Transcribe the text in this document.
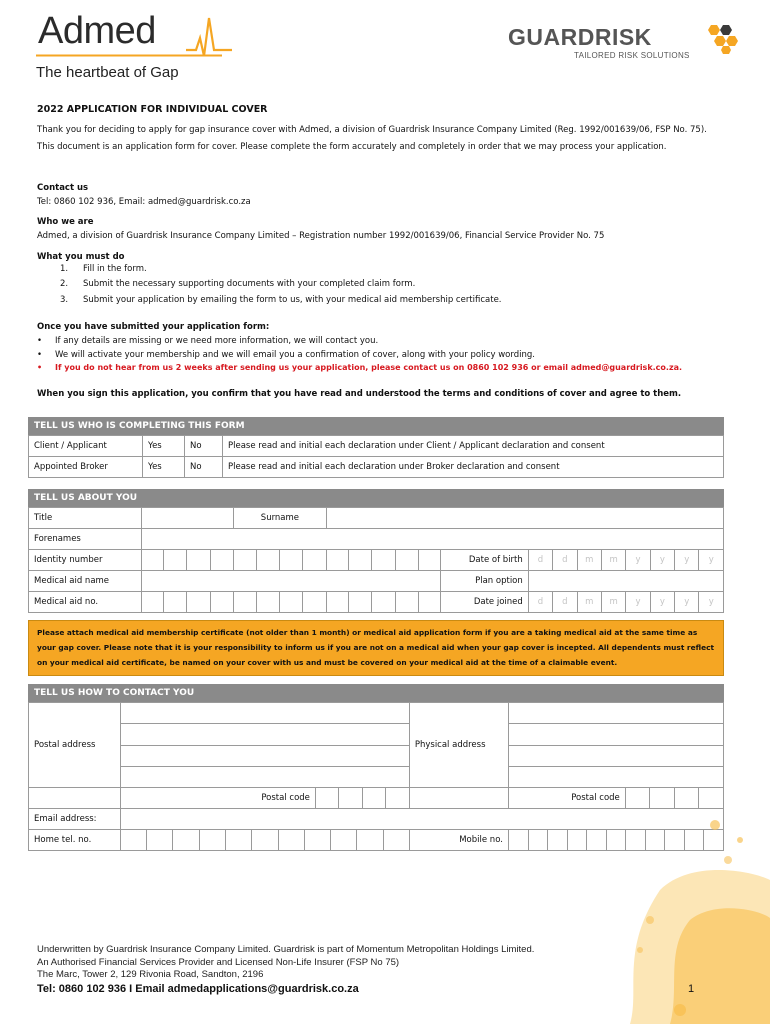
Admed
The heartbeat of Gap
GUARDRISK
TAILORED RISK SOLUTIONS
2022 APPLICATION FOR INDIVIDUAL COVER
Thank you for deciding to apply for gap insurance cover with Admed, a division of Guardrisk Insurance Company Limited (Reg. 1992/001639/06, FSP No. 75). This document is an application form for cover. Please complete the form accurately and completely in order that we may process your application.
Contact us
Tel: 0860 102 936, Email: admed@guardrisk.co.za
Who we are
Admed, a division of Guardrisk Insurance Company Limited – Registration number 1992/001639/06, Financial Service Provider No. 75
What you must do
1. Fill in the form.
2. Submit the necessary supporting documents with your completed claim form.
3. Submit your application by emailing the form to us, with your medical aid membership certificate.
Once you have submitted your application form:
• If any details are missing or we need more information, we will contact you.
• We will activate your membership and we will email you a confirmation of cover, along with your policy wording.
• If you do not hear from us 2 weeks after sending us your application, please contact us on 0860 102 936 or email admed@guardrisk.co.za.
When you sign this application, you confirm that you have read and understood the terms and conditions of cover and agree to them.
TELL US WHO IS COMPLETING THIS FORM
Client / Applicant	Yes	No	Please read and initial each declaration under Client / Applicant declaration and consent
Appointed Broker	Yes	No	Please read and initial each declaration under Broker declaration and consent
TELL US ABOUT YOU
Title					Surname																	
Forenames																						
Identity number														Date of birth	d	d	m	m	y	y	y	y
Medical aid name														Plan option								
Medical aid no.														Date joined	d	d	m	m	y	y	y	y
Please attach medical aid membership certificate (not older than 1 month) or medical aid application form if you are a taking medical aid at the same time as your gap cover. Please note that it is your responsibility to inform us if you are not on a medical aid when your gap cover is incepted. All dependents must reflect on your medical aid certificate, be named on your cover with us and must be covered on your medical aid at the time of a claimable event.
TELL US HOW TO CONTACT YOU
Postal address						Physical address					

	Postal code						Postal code				
Email address:											
Home tel. no.						Mobile no.					
Underwritten by Guardrisk Insurance Company Limited. Guardrisk is part of Momentum Metropolitan Holdings Limited.
An Authorised Financial Services Provider and Licensed Non-Life Insurer (FSP No 75)
The Marc, Tower 2, 129 Rivonia Road, Sandton, 2196
Tel: 0860 102 936 I Email admedapplications@guardrisk.co.za	1
